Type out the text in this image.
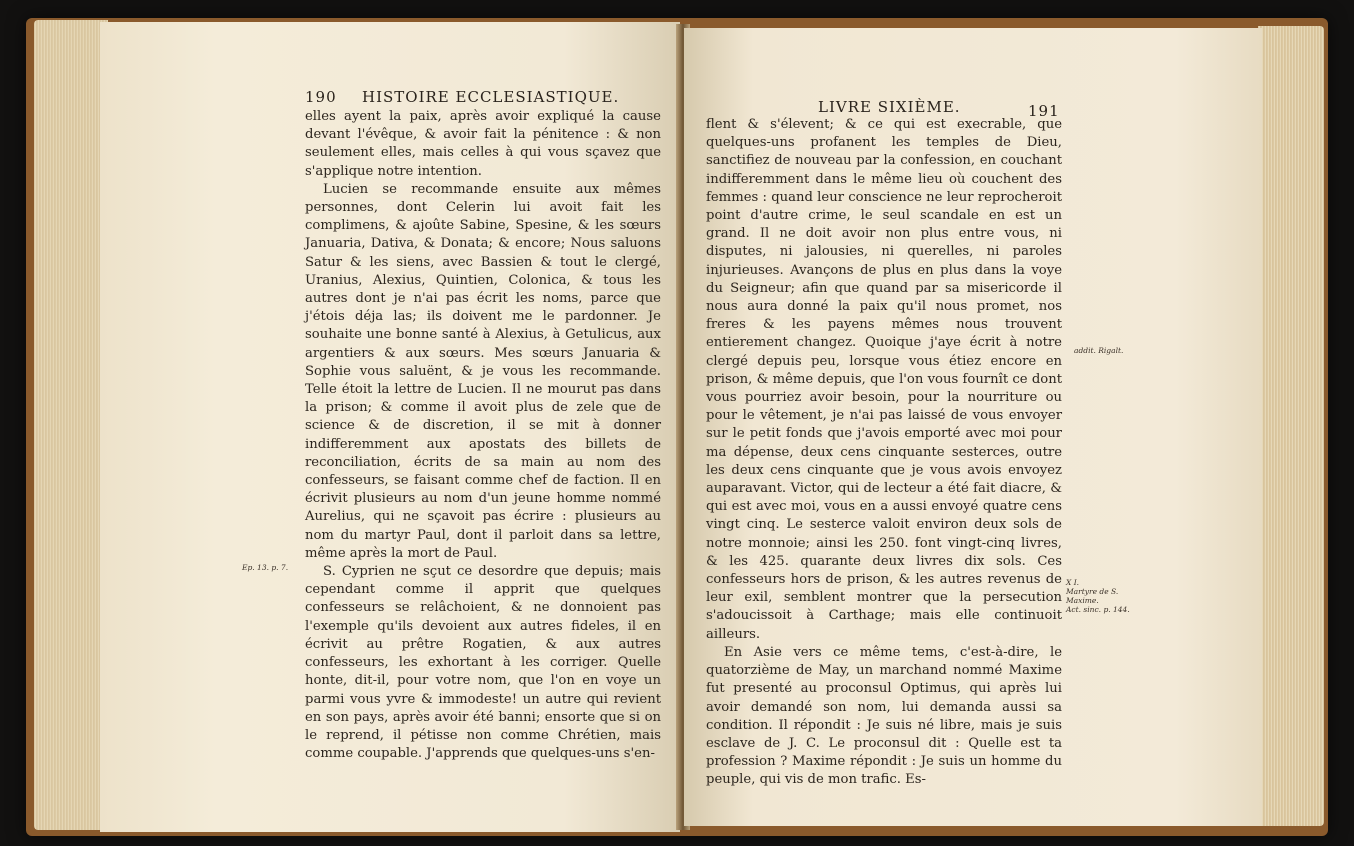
190 HISTOIRE ECCLESIASTIQUE.

elles ayent la paix, après avoir expliqué la cause devant l'évêque, & avoir fait la pénitence : & non seulement elles, mais celles à qui vous sçavez que s'applique notre intention.

Lucien se recommande ensuite aux mêmes personnes, dont Celerin lui avoit fait les complimens, & ajoûte Sabine, Spesine, & les sœurs Januaria, Dativa, & Donata; & encore; Nous saluons Satur & les siens, avec Bassien & tout le clergé, Uranius, Alexius, Quintien, Colonica, & tous les autres dont je n'ai pas écrit les noms, parce que j'étois déja las; ils doivent me le pardonner. Je souhaite une bonne santé à Alexius, à Getulicus, aux argentiers & aux sœurs. Mes sœurs Januaria & Sophie vous saluënt, & je vous les recommande. Telle étoit la lettre de Lucien. Il ne mourut pas dans la prison; & comme il avoit plus de zele que de science & de discretion, il se mit à donner indifferemment aux apostats des billets de reconciliation, écrits de sa main au nom des confesseurs, se faisant comme chef de faction. Il en écrivit plusieurs au nom d'un jeune homme nommé Aurelius, qui ne sçavoit pas écrire : plusieurs au nom du martyr Paul, dont il parloit dans sa lettre, même après la mort de Paul.

S. Cyprien ne sçut ce desordre que depuis; mais cependant comme il apprit que quelques confesseurs se relâchoient, & ne donnoient pas l'exemple qu'ils devoient aux autres fideles, il en écrivit au prêtre Rogatien, & aux autres confesseurs, les exhortant à les corriger. Quelle honte, dit-il, pour votre nom, que l'on en voye un parmi vous yvre & immodeste! un autre qui revient en son pays, après avoir été banni; ensorte que si on le reprend, il pétisse non comme Chrétien, mais comme coupable. J'apprends que quelques-uns s'en-

Ep. 13. p. 7.
LIVRE SIXIÈME.	191

flent & s'élevent; & ce qui est execrable, que quelques-uns profanent les temples de Dieu, sanctifiez de nouveau par la confession, en couchant indifferemment dans le même lieu où couchent des femmes : quand leur conscience ne leur reprocheroit point d'autre crime, le seul scandale en est un grand. Il ne doit avoir non plus entre vous, ni disputes, ni jalousies, ni querelles, ni paroles injurieuses. Avançons de plus en plus dans la voye du Seigneur; afin que quand par sa misericorde il nous aura donné la paix qu'il nous promet, nos freres & les payens mêmes nous trouvent entierement changez. Quoique j'aye écrit à notre clergé depuis peu, lorsque vous étiez encore en prison, & même depuis, que l'on vous fournît ce dont vous pourriez avoir besoin, pour la nourriture ou pour le vêtement, je n'ai pas laissé de vous envoyer sur le petit fonds que j'avois emporté avec moi pour ma dépense, deux cens cinquante sesterces, outre les deux cens cinquante que je vous avois envoyez auparavant. Victor, qui de lecteur a été fait diacre, & qui est avec moi, vous en a aussi envoyé quatre cens vingt cinq. Le sesterce valoit environ deux sols de notre monnoie; ainsi les 250. font vingt-cinq livres, & les 425. quarante deux livres dix sols. Ces confesseurs hors de prison, & les autres revenus de leur exil, semblent montrer que la persecution s'adoucissoit à Carthage; mais elle continuoit ailleurs.

En Asie vers ce même tems, c'est-à-dire, le quatorzième de May, un marchand nommé Maxime fut presenté au proconsul Optimus, qui après lui avoir demandé son nom, lui demanda aussi sa condition. Il répondit : Je suis né libre, mais je suis esclave de J. C. Le proconsul dit : Quelle est ta profession ? Maxime répondit : Je suis un homme du peuple, qui vis de mon trafic. Es-

addit. Rigalt.
X I.
Martyre de S. Maxime.
Act. sinc. p. 144.
